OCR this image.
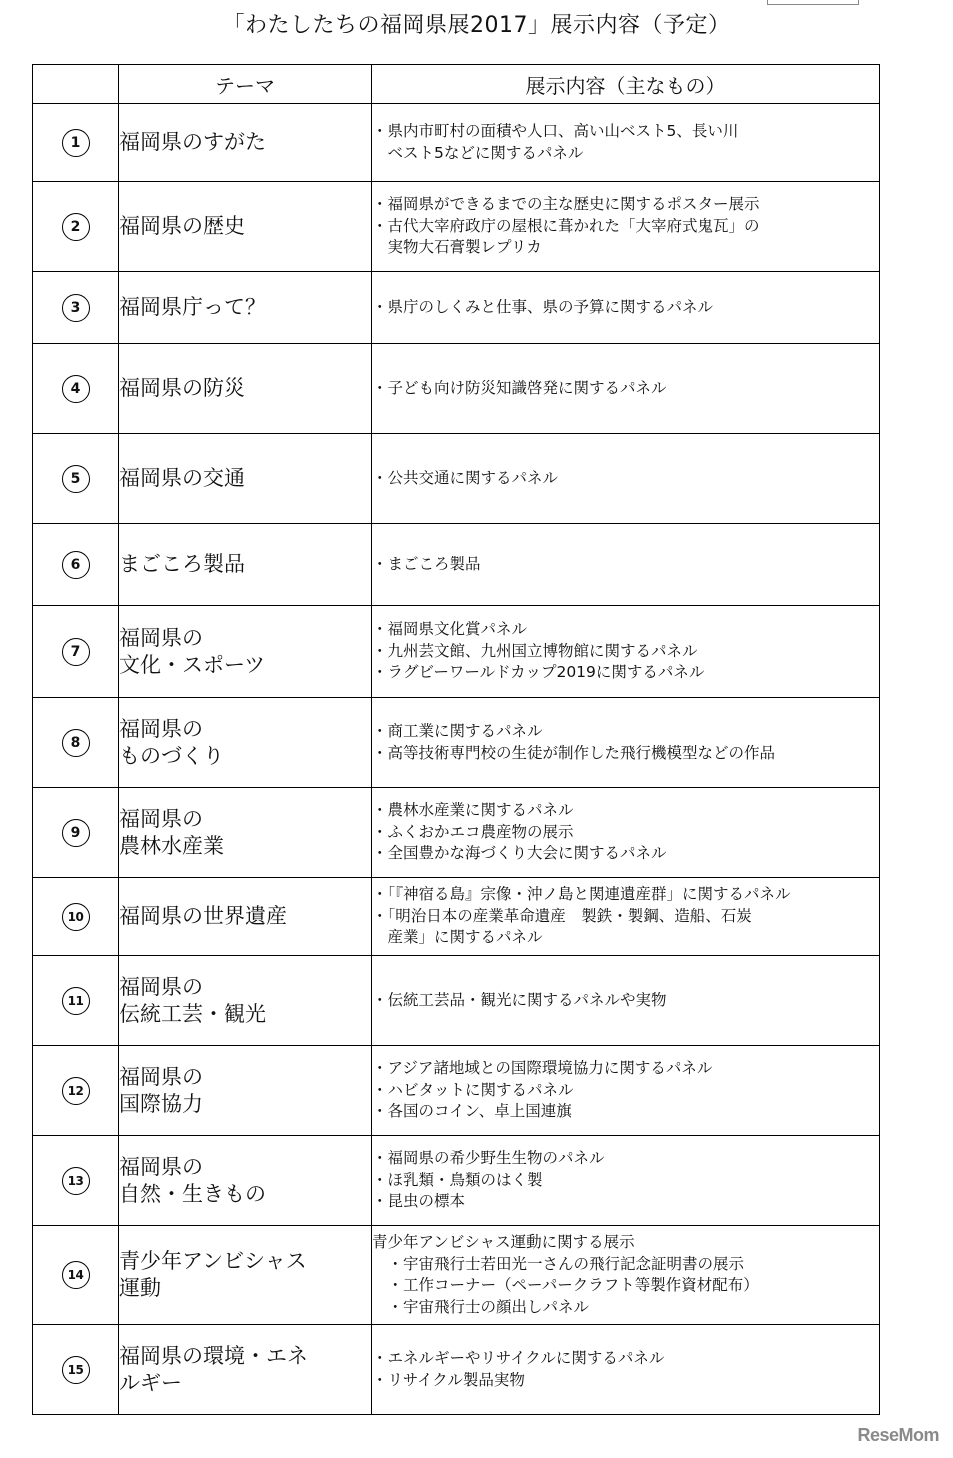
「わたしたちの福岡県展2017」展示内容（予定）
	テーマ	展示内容（主なもの）
1	福岡県のすがた	・県内市町村の面積や人口、高い山ベスト5、長い川
　ベスト5などに関するパネル

2	福岡県の歴史	・福岡県ができるまでの主な歴史に関するポスター展示
・古代大宰府政庁の屋根に葺かれた「大宰府式鬼瓦」の
　実物大石膏製レプリカ

3	福岡県庁って？	・県庁のしくみと仕事、県の予算に関するパネル

4	福岡県の防災	・子ども向け防災知識啓発に関するパネル

5	福岡県の交通	・公共交通に関するパネル

6	まごころ製品	・まごころ製品

7	福岡県の
文化・スポーツ	・福岡県文化賞パネル
・九州芸文館、九州国立博物館に関するパネル
・ラグビーワールドカップ2019に関するパネル

8	福岡県の
ものづくり	・商工業に関するパネル
・高等技術専門校の生徒が制作した飛行機模型などの作品

9	福岡県の
農林水産業	・農林水産業に関するパネル
・ふくおかエコ農産物の展示
・全国豊かな海づくり大会に関するパネル

10	福岡県の世界遺産	・「『神宿る島』宗像・沖ノ島と関連遺産群」に関するパネル
・「明治日本の産業革命遺産　製鉄・製鋼、造船、石炭
　産業」に関するパネル

11	福岡県の
伝統工芸・観光	・伝統工芸品・観光に関するパネルや実物

12	福岡県の
国際協力	・アジア諸地域との国際環境協力に関するパネル
・ハビタットに関するパネル
・各国のコイン、卓上国連旗

13	福岡県の
自然・生きもの	・福岡県の希少野生生物のパネル
・ほ乳類・鳥類のはく製
・昆虫の標本

14	青少年アンビシャス
運動	青少年アンビシャス運動に関する展示
　・宇宙飛行士若田光一さんの飛行記念証明書の展示
　・工作コーナー（ペーパークラフト等製作資材配布）
　・宇宙飛行士の顔出しパネル

15	福岡県の環境・エネ
ルギー	・エネルギーやリサイクルに関するパネル
・リサイクル製品実物
ReseMom
